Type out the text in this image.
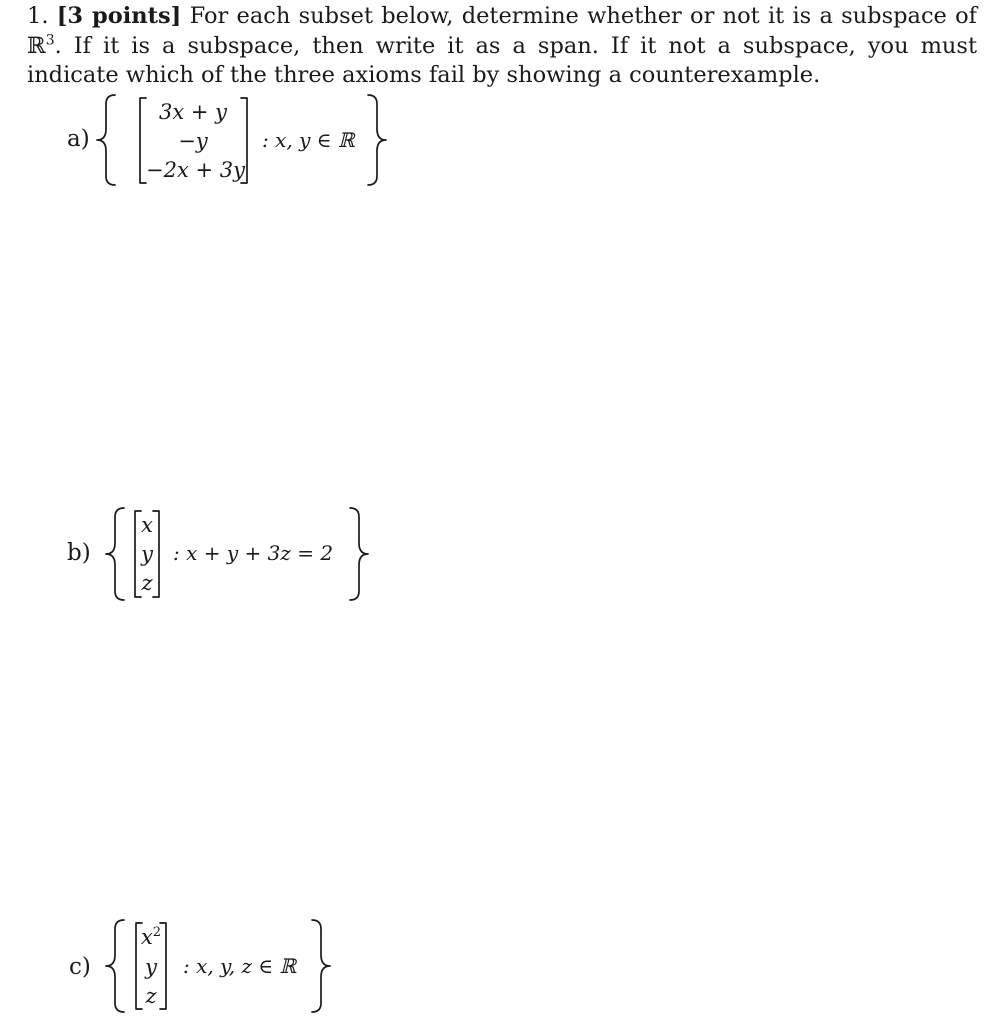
1. [3 points] For each subset below, determine whether or not it is a subspace of ℝ$^3$. If it is a subspace, then write it as a span. If it not a subspace, you must indicate which of the three axioms fail by showing a counterexample.
a)
3x + y
−y
−2x + 3y
: x, y ∈ ℝ
b)
x
y
z
: x + y + 3z = 2
c)
$x^2$
y
z
: x, y, z ∈ ℝ
